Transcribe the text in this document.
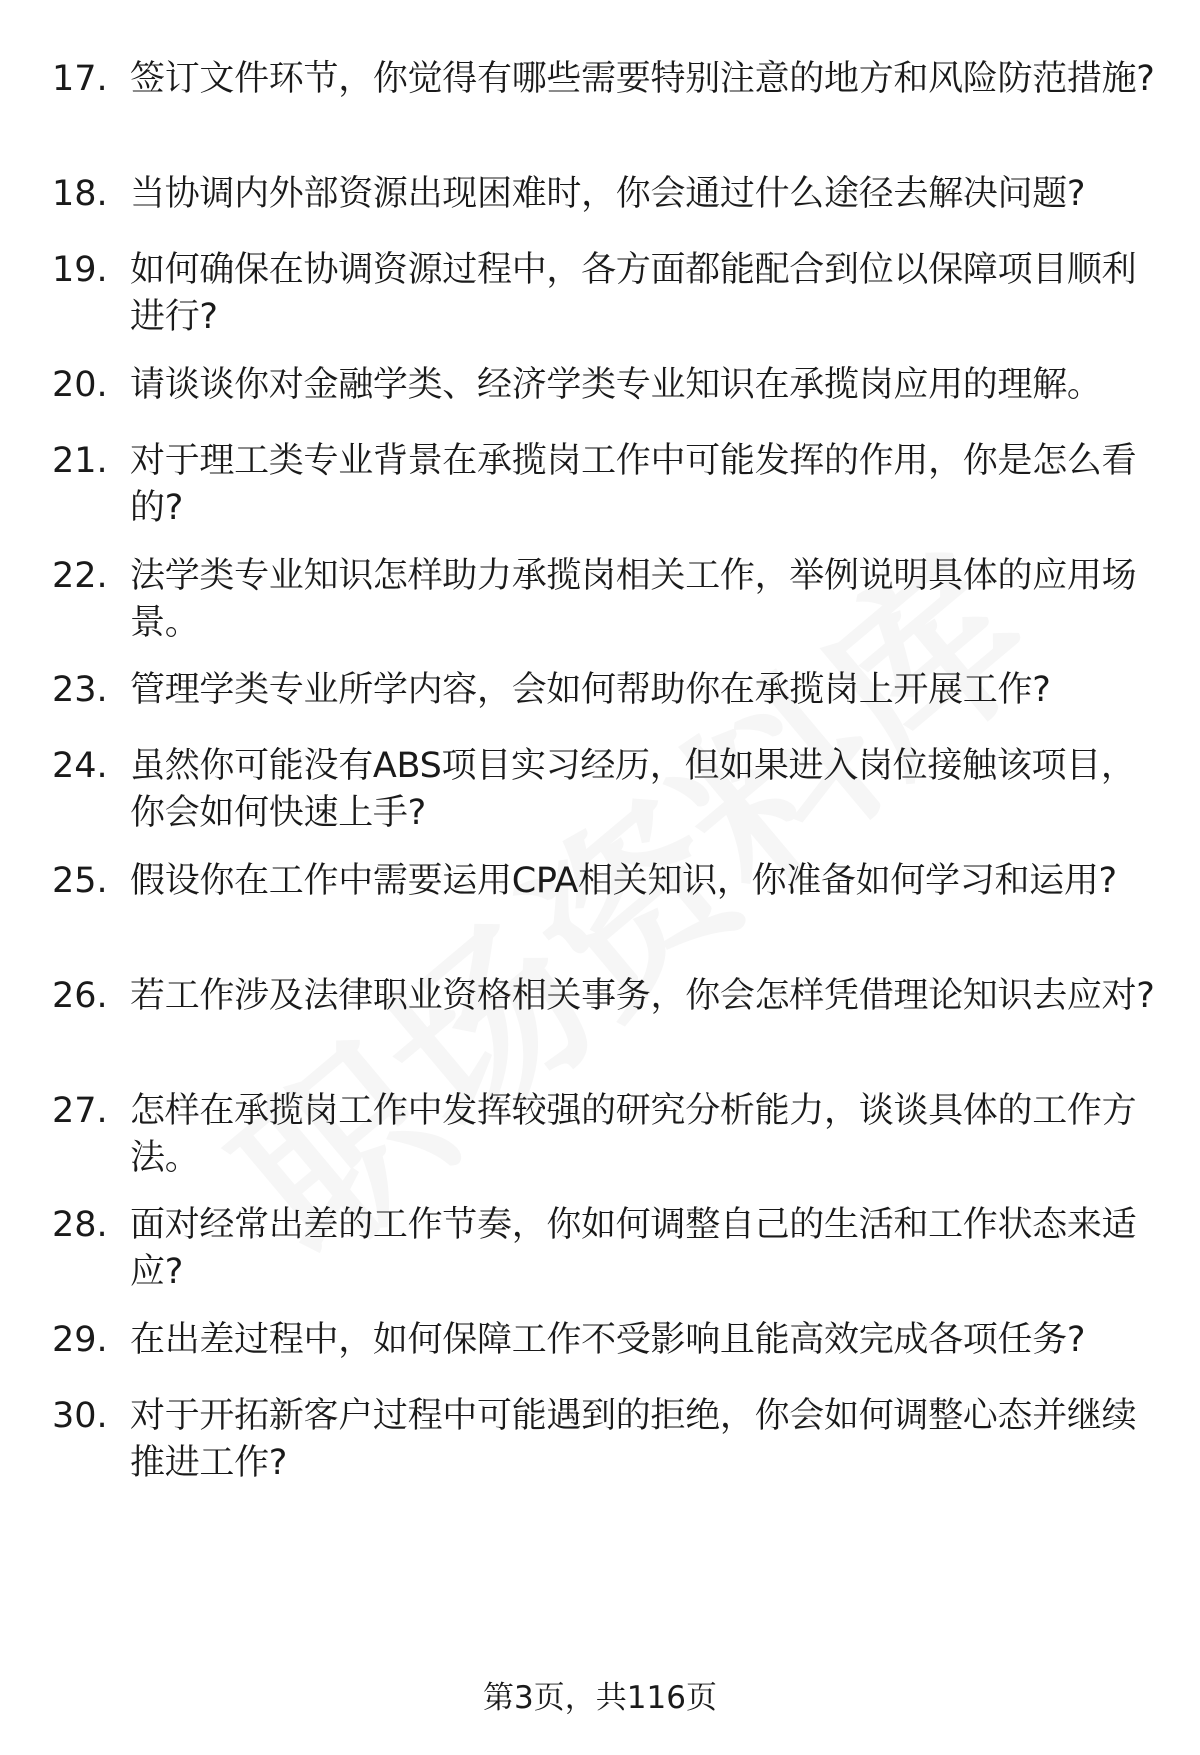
17. 签订文件环节，你觉得有哪些需要特别注意的地方和风险防范措施?
18. 当协调内外部资源出现困难时，你会通过什么途径去解决问题?
19. 如何确保在协调资源过程中，各方面都能配合到位以保障项目顺利进行?
20. 请谈谈你对金融学类、经济学类专业知识在承揽岗应用的理解。
21. 对于理工类专业背景在承揽岗工作中可能发挥的作用，你是怎么看的?
22. 法学类专业知识怎样助力承揽岗相关工作，举例说明具体的应用场景。
23. 管理学类专业所学内容，会如何帮助你在承揽岗上开展工作?
24. 虽然你可能没有ABS项目实习经历，但如果进入岗位接触该项目，你会如何快速上手?
25. 假设你在工作中需要运用CPA相关知识，你准备如何学习和运用?
26. 若工作涉及法律职业资格相关事务，你会怎样凭借理论知识去应对?
27. 怎样在承揽岗工作中发挥较强的研究分析能力，谈谈具体的工作方法。
28. 面对经常出差的工作节奏，你如何调整自己的生活和工作状态来适应?
29. 在出差过程中，如何保障工作不受影响且能高效完成各项任务?
30. 对于开拓新客户过程中可能遇到的拒绝，你会如何调整心态并继续推进工作?
第3页，共116页
